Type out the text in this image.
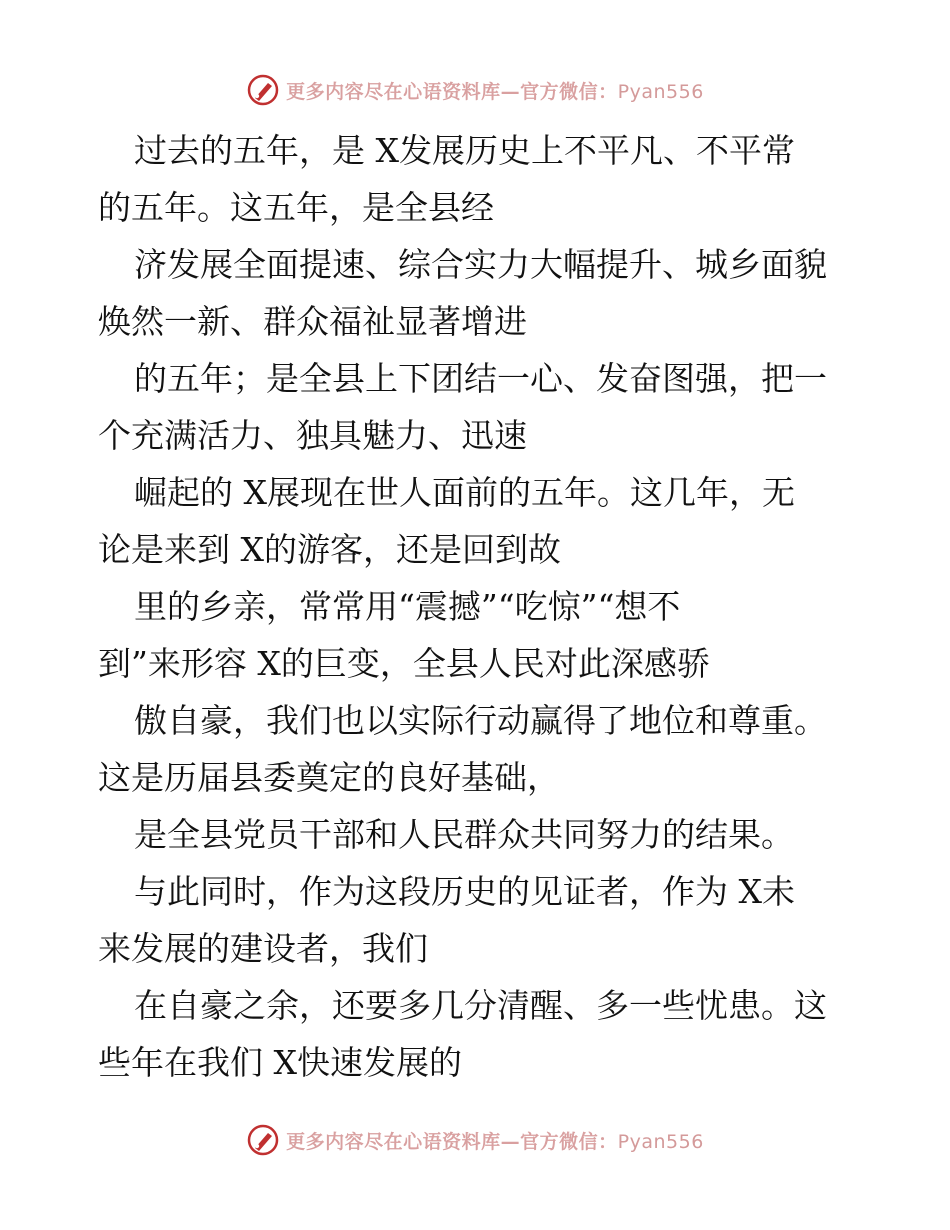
更多内容尽在心语资料库—官方微信：Pyan556

过去的五年，是 X发展历史上不平凡、不平常
的五年。这五年，是全县经

济发展全面提速、综合实力大幅提升、城乡面貌
焕然一新、群众福祉显著增进

的五年；是全县上下团结一心、发奋图强，把一
个充满活力、独具魅力、迅速

崛起的 X展现在世人面前的五年。这几年，无
论是来到 X的游客，还是回到故

里的乡亲，常常用“震撼”“吃惊”“想不
到”来形容 X的巨变，全县人民对此深感骄

傲自豪，我们也以实际行动赢得了地位和尊重。
这是历届县委奠定的良好基础，

是全县党员干部和人民群众共同努力的结果。

与此同时，作为这段历史的见证者，作为 X未
来发展的建设者，我们

在自豪之余，还要多几分清醒、多一些忧患。这
些年在我们 X快速发展的

更多内容尽在心语资料库—官方微信：Pyan556
